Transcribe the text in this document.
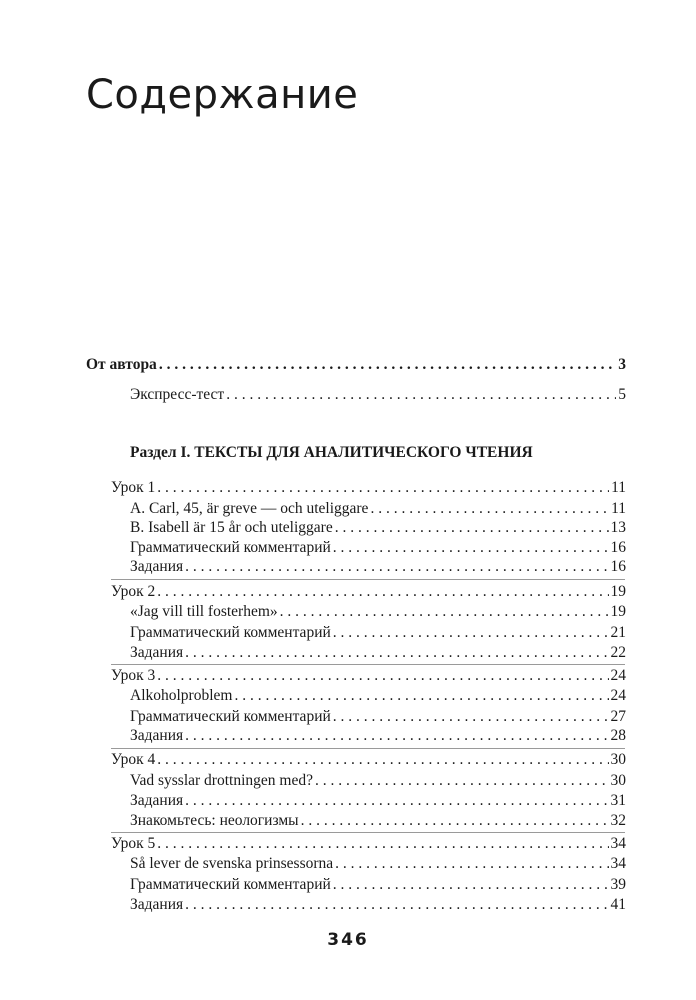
Содержание
От автора . . .	3
Экспресс-тест . . .	5
Раздел I. ТЕКСТЫ ДЛЯ АНАЛИТИЧЕСКОГО ЧТЕНИЯ
Урок 1 . . .	11
A. Carl, 45, är greve — och uteliggare . . .	11
B. Isabell är 15 år och uteliggare . . .	13
Грамматический комментарий . . .	16
Задания . . .	16
Урок 2 . . .	19
«Jag vill till fosterhem» . . .	19
Грамматический комментарий . . .	21
Задания . . .	22
Урок 3 . . .	24
Alkoholproblem . . .	24
Грамматический комментарий . . .	27
Задания . . .	28
Урок 4 . . .	30
Vad sysslar drottningen med? . . .	30
Задания . . .	31
Знакомьтесь: неологизмы . . .	32
Урок 5 . . .	34
Så lever de svenska prinsessorna . . .	34
Грамматический комментарий . . .	39
Задания . . .	41
346
